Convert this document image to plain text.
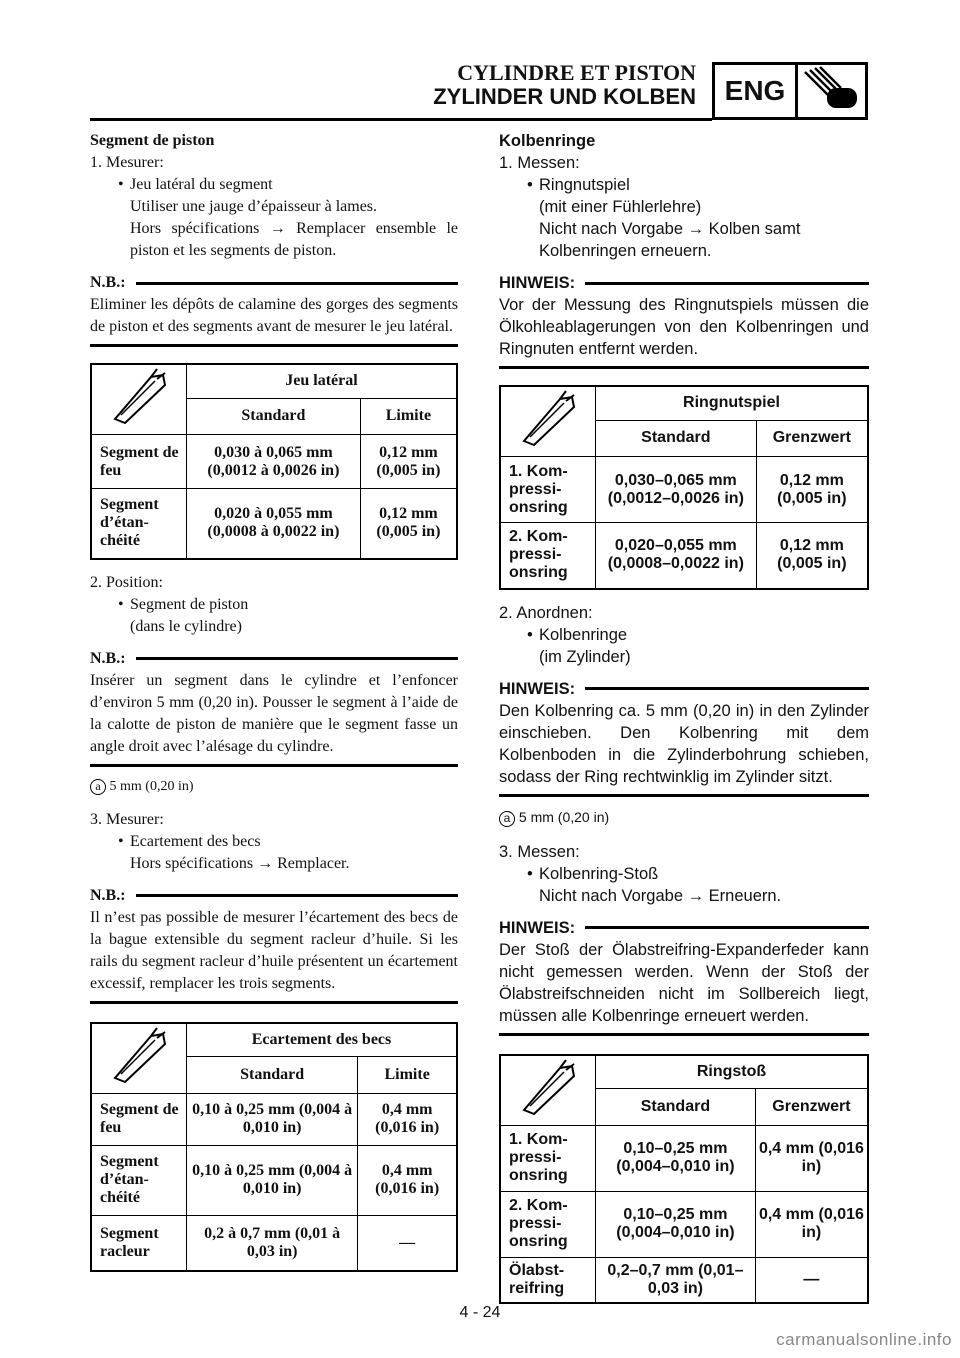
CYLINDRE ET PISTON
ZYLINDER UND KOLBEN	ENG

Segment de piston

1. Mesurer:

• Jeu latéral du segment

Utiliser une jauge d’épaisseur à lames.

Hors spécifications → Remplacer ensemble le piston et les segments de piston.

N.B.:

Eliminer les dépôts de calamine des gorges des segments de piston et des segments avant de mesurer le jeu latéral.

	Jeu latéral	
	Standard	Limite
Segment de feu	0,030 à 0,065 mm (0,0012 à 0,0026 in)	0,12 mm (0,005 in)
Segment d’étan- chéité	0,020 à 0,055 mm (0,0008 à 0,0022 in)	0,12 mm (0,005 in)

2. Position:

• Segment de piston

(dans le cylindre)

N.B.:

Insérer un segment dans le cylindre et l’enfoncer d’environ 5 mm (0,20 in). Pousser le segment à l’aide de la calotte de piston de manière que le segment fasse un angle droit avec l’alésage du cylindre.

a 5 mm (0,20 in)

3. Mesurer:

• Ecartement des becs

Hors spécifications → Remplacer.

N.B.:

Il n’est pas possible de mesurer l’écartement des becs de la bague extensible du segment racleur d’huile. Si les rails du segment racleur d’huile présentent un écartement excessif, remplacer les trois segments.

	Ecartement des becs	
	Standard	Limite
Segment de feu	0,10 à 0,25 mm (0,004 à 0,010 in)	0,4 mm (0,016 in)
Segment d’étan- chéité	0,10 à 0,25 mm (0,004 à 0,010 in)	0,4 mm (0,016 in)
Segment racleur	0,2 à 0,7 mm (0,01 à 0,03 in)	—

Kolbenringe

1. Messen:

• Ringnutspiel

(mit einer Fühlerlehre)

Nicht nach Vorgabe → Kolben samt Kolbenringen erneuern.

HINWEIS:

Vor der Messung des Ringnutspiels müssen die Ölkohleablagerungen von den Kolbenringen und Ringnuten entfernt werden.

	Ringnutspiel	
	Standard	Grenzwert
1. Kom- pressi- onsring	0,030–0,065 mm (0,0012–0,0026 in)	0,12 mm (0,005 in)
2. Kom- pressi- onsring	0,020–0,055 mm (0,0008–0,0022 in)	0,12 mm (0,005 in)

2. Anordnen:

• Kolbenringe

(im Zylinder)

HINWEIS:

Den Kolbenring ca. 5 mm (0,20 in) in den Zylinder einschieben. Den Kolbenring mit dem Kolbenboden in die Zylinderbohrung schieben, sodass der Ring rechtwinklig im Zylinder sitzt.

a 5 mm (0,20 in)

3. Messen:

• Kolbenring-Stoß

Nicht nach Vorgabe → Erneuern.

HINWEIS:

Der Stoß der Ölabstreifring-Expanderfeder kann nicht gemessen werden. Wenn der Stoß der Ölabstreifschneiden nicht im Sollbereich liegt, müssen alle Kolbenringe erneuert werden.

	Ringstoß	
	Standard	Grenzwert
1. Kom- pressi- onsring	0,10–0,25 mm (0,004–0,010 in)	0,4 mm (0,016 in)
2. Kom- pressi- onsring	0,10–0,25 mm (0,004–0,010 in)	0,4 mm (0,016 in)
Ölabst- reifring	0,2–0,7 mm (0,01–0,03 in)	—
4 - 24
carmanualsonline.info
